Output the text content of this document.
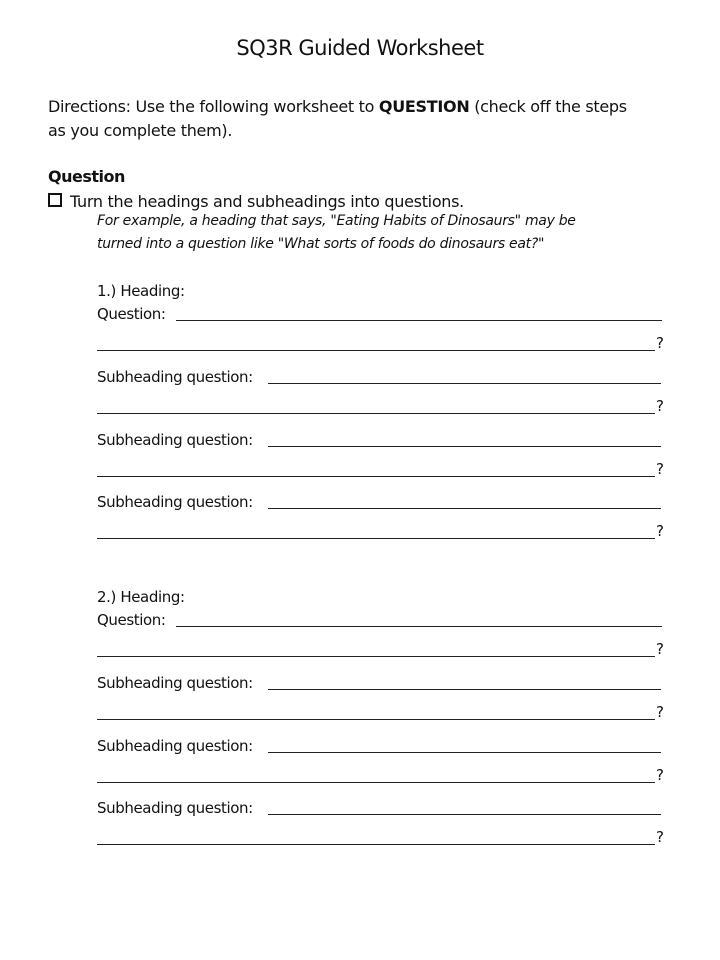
SQ3R Guided Worksheet
Directions: Use the following worksheet to QUESTION (check off the steps
as you complete them).
Question
Turn the headings and subheadings into questions.
For example, a heading that says, "Eating Habits of Dinosaurs" may be
turned into a question like "What sorts of foods do dinosaurs eat?"
1.) Heading:
Question:
?
Subheading question:
?
Subheading question:
?
Subheading question:
?
2.) Heading:
Question:
?
Subheading question:
?
Subheading question:
?
Subheading question:
?
